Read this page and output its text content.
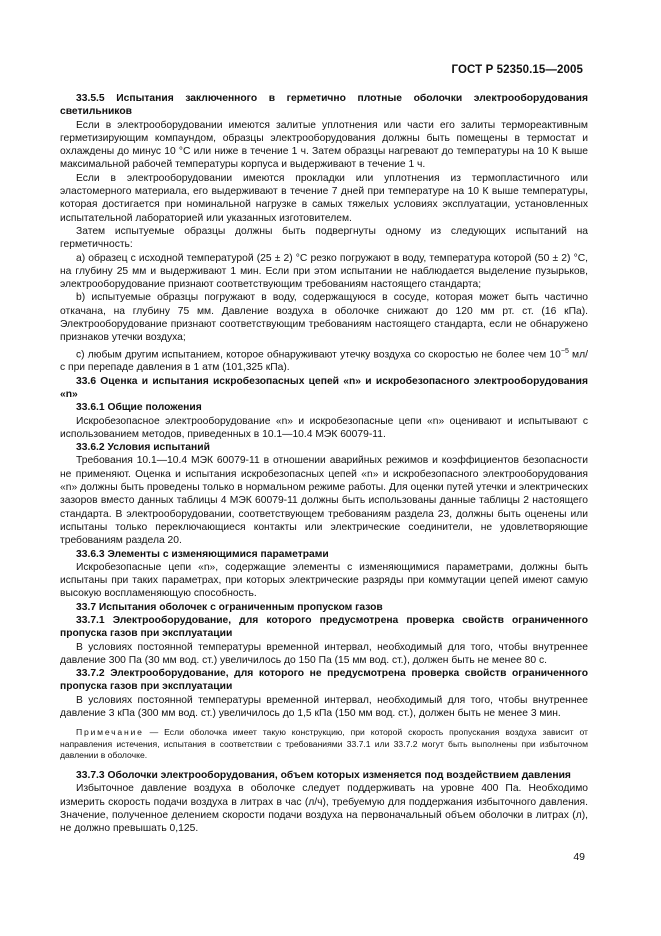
ГОСТ Р 52350.15—2005

33.5.5 Испытания заключенного в герметично плотные оболочки электрооборудования светильников

Если в электрооборудовании имеются залитые уплотнения или части его залиты термореактивным герметизирующим компаундом, образцы электрооборудования должны быть помещены в термостат и охлаждены до минус 10 °С или ниже в течение 1 ч. Затем образцы нагревают до температуры на 10 К выше максимальной рабочей температуры корпуса и выдерживают в течение 1 ч.

Если в электрооборудовании имеются прокладки или уплотнения из термопластичного или эластомерного материала, его выдерживают в течение 7 дней при температуре на 10 К выше температуры, которая достигается при номинальной нагрузке в самых тяжелых условиях эксплуатации, установленных испытательной лабораторией или указанных изготовителем.

Затем испытуемые образцы должны быть подвергнуты одному из следующих испытаний на герметичность:

а) образец с исходной температурой (25 ± 2) °С резко погружают в воду, температура которой (50 ± 2) °С, на глубину 25 мм и выдерживают 1 мин. Если при этом испытании не наблюдается выделение пузырьков, электрооборудование признают соответствующим требованиям настоящего стандарта;

b) испытуемые образцы погружают в воду, содержащуюся в сосуде, которая может быть частично откачана, на глубину 75 мм. Давление воздуха в оболочке снижают до 120 мм рт. ст. (16 кПа). Электрооборудование признают соответствующим требованиям настоящего стандарта, если не обнаружено признаков утечки воздуха;

с) любым другим испытанием, которое обнаруживают утечку воздуха со скоростью не более чем $10^{-5}$ мл/с при перепаде давления в 1 атм (101,325 кПа).

33.6 Оценка и испытания искробезопасных цепей «n» и искробезопасного электрооборудования «n»

33.6.1 Общие положения

Искробезопасное электрооборудование «n» и искробезопасные цепи «n» оценивают и испытывают с использованием методов, приведенных в 10.1—10.4 МЭК 60079-11.

33.6.2 Условия испытаний

Требования 10.1—10.4 МЭК 60079-11 в отношении аварийных режимов и коэффициентов безопасности не применяют. Оценка и испытания искробезопасных цепей «n» и искробезопасного электрооборудования «n» должны быть проведены только в нормальном режиме работы. Для оценки путей утечки и электрических зазоров вместо данных таблицы 4 МЭК 60079-11 должны быть использованы данные таблицы 2 настоящего стандарта. В электрооборудовании, соответствующем требованиям раздела 23, должны быть оценены или испытаны только переключающиеся контакты или электрические соединители, не удовлетворяющие требованиям раздела 20.

33.6.3 Элементы с изменяющимися параметрами

Искробезопасные цепи «n», содержащие элементы с изменяющимися параметрами, должны быть испытаны при таких параметрах, при которых электрические разряды при коммутации цепей имеют самую высокую воспламеняющую способность.

33.7 Испытания оболочек с ограниченным пропуском газов

33.7.1 Электрооборудование, для которого предусмотрена проверка свойств ограниченного пропуска газов при эксплуатации

В условиях постоянной температуры временной интервал, необходимый для того, чтобы внутреннее давление 300 Па (30 мм вод. ст.) увеличилось до 150 Па (15 мм вод. ст.), должен быть не менее 80 с.

33.7.2 Электрооборудование, для которого не предусмотрена проверка свойств ограниченного пропуска газов при эксплуатации

В условиях постоянной температуры временной интервал, необходимый для того, чтобы внутреннее давление 3 кПа (300 мм вод. ст.) увеличилось до 1,5 кПа (150 мм вод. ст.), должен быть не менее 3 мин.

Примечание — Если оболочка имеет такую конструкцию, при которой скорость пропускания воздуха зависит от направления истечения, испытания в соответствии с требованиями 33.7.1 или 33.7.2 могут быть выполнены при избыточном давлении в оболочке.

33.7.3 Оболочки электрооборудования, объем которых изменяется под воздействием давления

Избыточное давление воздуха в оболочке следует поддерживать на уровне 400 Па. Необходимо измерить скорость подачи воздуха в литрах в час (л/ч), требуемую для поддержания избыточного давления. Значение, полученное делением скорости подачи воздуха на первоначальный объем оболочки в литрах (л), не должно превышать 0,125.

49
